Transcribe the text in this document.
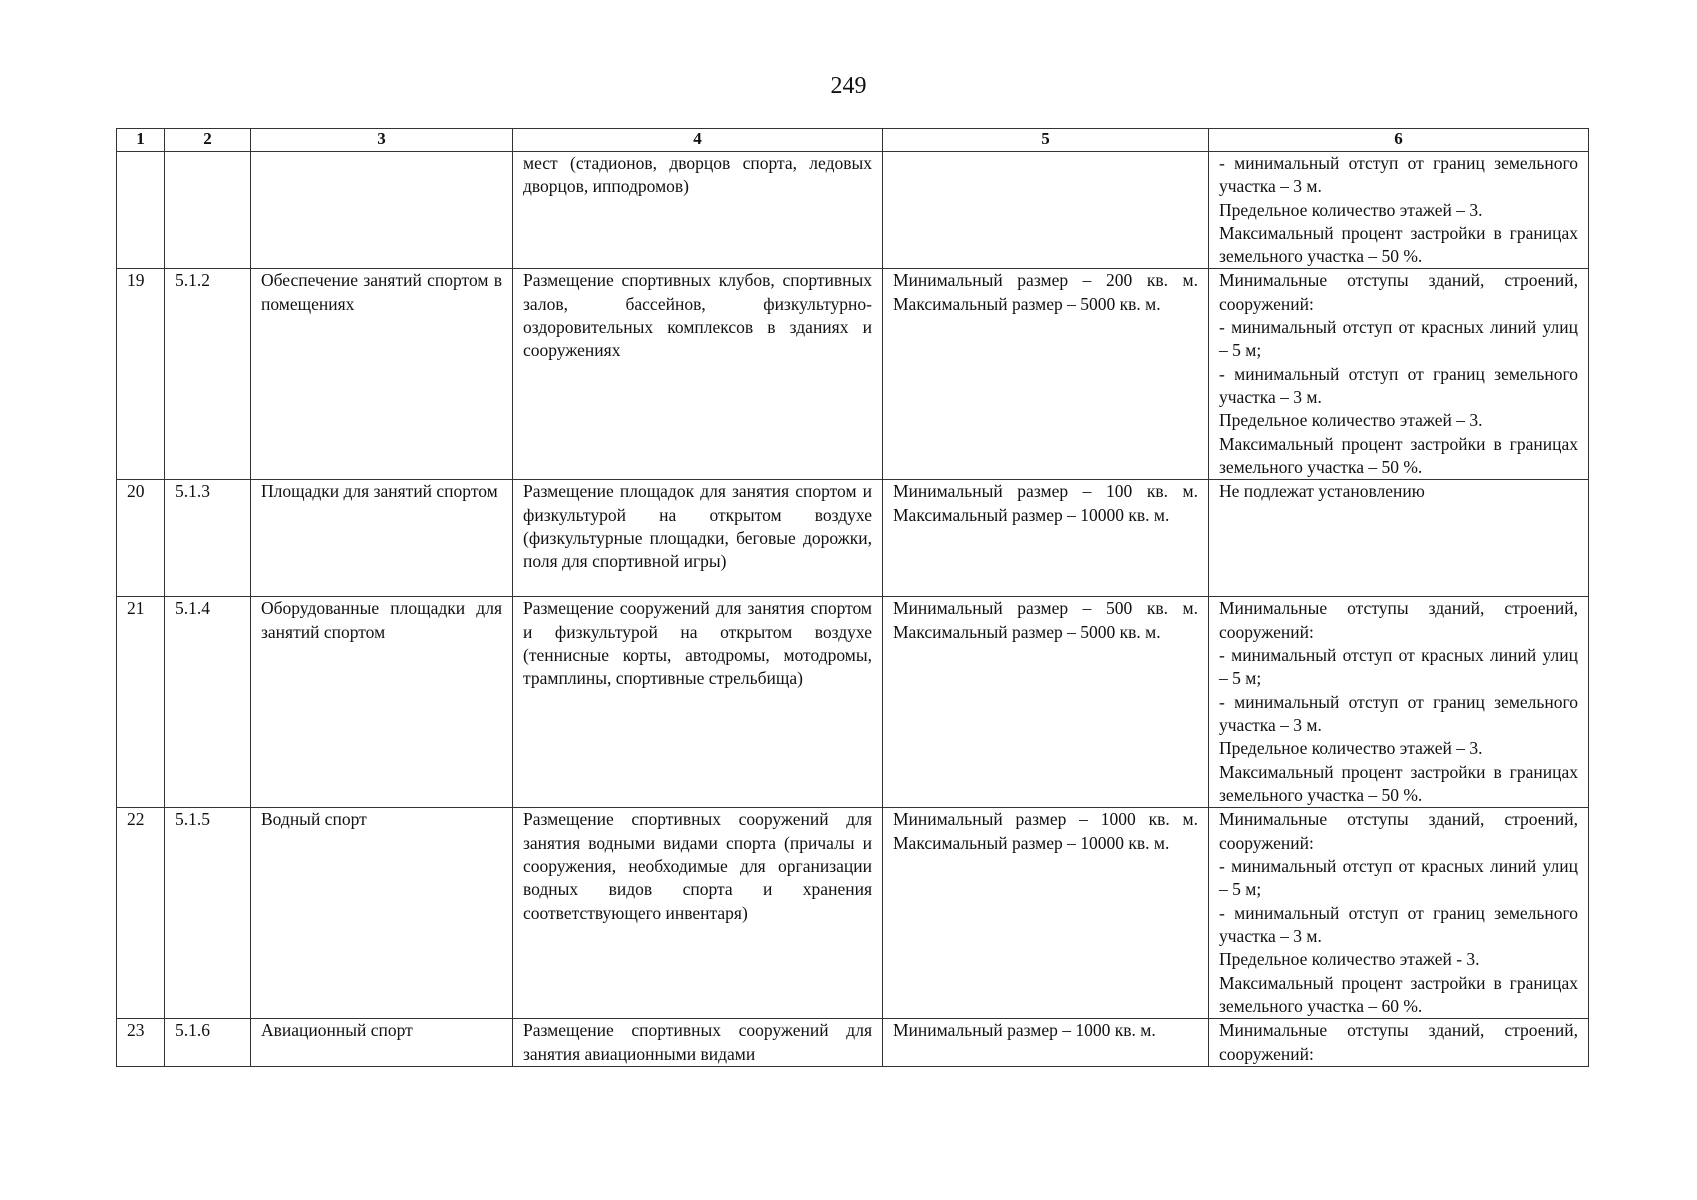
249
1	2	3	4	5	6
			мест (стадионов, дворцов спорта, ледовых дворцов, ипподромов)		- минимальный отступ от границ земельного участка – 3 м.
Предельное количество этажей – 3.
Максимальный процент застройки в границах земельного участка – 50 %.

19	5.1.2	Обеспечение занятий спортом в помещениях	Размещение спортивных клубов, спортивных залов, бассейнов, физкультурно-оздоровительных комплексов в зданиях и сооружениях	Минимальный размер – 200 кв. м. Максимальный размер – 5000 кв. м.	Минимальные отступы зданий, строений, сооружений:
- минимальный отступ от красных линий улиц – 5 м;
- минимальный отступ от границ земельного участка – 3 м.
Предельное количество этажей – 3.
Максимальный процент застройки в границах земельного участка – 50 %.

20	5.1.3	Площадки для занятий спортом	Размещение площадок для занятия спортом и физкультурой на открытом воздухе (физкультурные площадки, беговые дорожки, поля для спортивной игры)	Минимальный размер – 100 кв. м. Максимальный размер – 10000 кв. м.	Не подлежат установлению

21	5.1.4	Оборудованные площадки для занятий спортом	Размещение сооружений для занятия спортом и физкультурой на открытом воздухе (теннисные корты, автодромы, мотодромы, трамплины, спортивные стрельбища)	Минимальный размер – 500 кв. м. Максимальный размер – 5000 кв. м.	Минимальные отступы зданий, строений, сооружений:
- минимальный отступ от красных линий улиц – 5 м;
- минимальный отступ от границ земельного участка – 3 м.
Предельное количество этажей – 3.
Максимальный процент застройки в границах земельного участка – 50 %.

22	5.1.5	Водный спорт	Размещение спортивных сооружений для занятия водными видами спорта (причалы и сооружения, необходимые для организации водных видов спорта и хранения соответствующего инвентаря)	Минимальный размер – 1000 кв. м. Максимальный размер – 10000 кв. м.	Минимальные отступы зданий, строений, сооружений:
- минимальный отступ от красных линий улиц – 5 м;
- минимальный отступ от границ земельного участка – 3 м.
Предельное количество этажей - 3.
Максимальный процент застройки в границах земельного участка – 60 %.

23	5.1.6	Авиационный спорт	Размещение спортивных сооружений для занятия авиационными видами	Минимальный размер – 1000 кв. м.	Минимальные отступы зданий, строений, сооружений:
